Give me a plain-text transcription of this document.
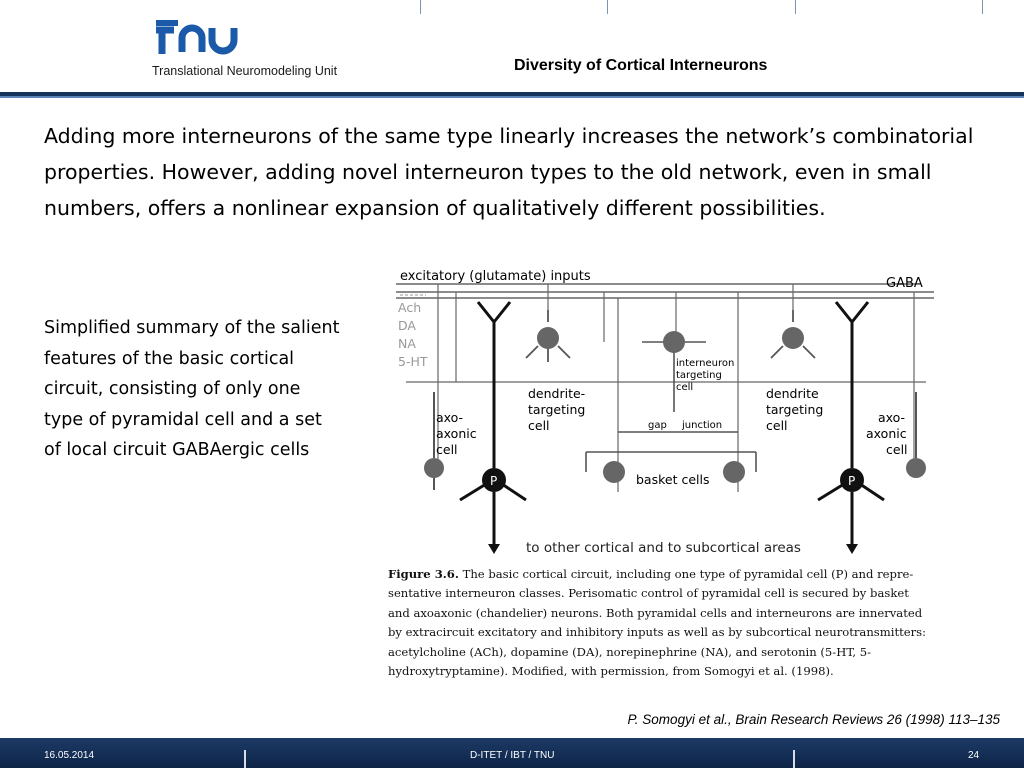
Translational Neuromodeling Unit	Diversity of Cortical Interneurons
Adding more interneurons of the same type linearly increases the network’s combinatorial properties. However, adding novel interneuron types to the old network, even in small numbers, offers a nonlinear expansion of qualitatively different possibilities.
Simplified summary of the salient features of the basic cortical circuit, consisting of only one type of pyramidal cell and a set of local circuit GABAergic cells
excitatory (glutamate) inputs	GABA
Ach
DA
NA
5-HT
axo-
axonic
cell
P
dendrite-
targeting
cell
interneuron
targeting
cell
gap junction
dendrite
targeting
cell
basket cells	P
axo-
axonic
cell
to other cortical and to subcortical areas
Figure 3.6. The basic cortical circuit, including one type of pyramidal cell (P) and repre-
sentative interneuron classes. Perisomatic control of pyramidal cell is secured by basket
and axoaxonic (chandelier) neurons. Both pyramidal cells and interneurons are innervated
by extracircuit excitatory and inhibitory inputs as well as by subcortical neurotransmitters:
acetylcholine (ACh), dopamine (DA), norepinephrine (NA), and serotonin (5-HT, 5-
hydroxytryptamine). Modified, with permission, from Somogyi et al. (1998).
P. Somogyi et al., Brain Research Reviews 26 (1998) 113–135
16.05.2014	D-ITET / IBT / TNU	24
